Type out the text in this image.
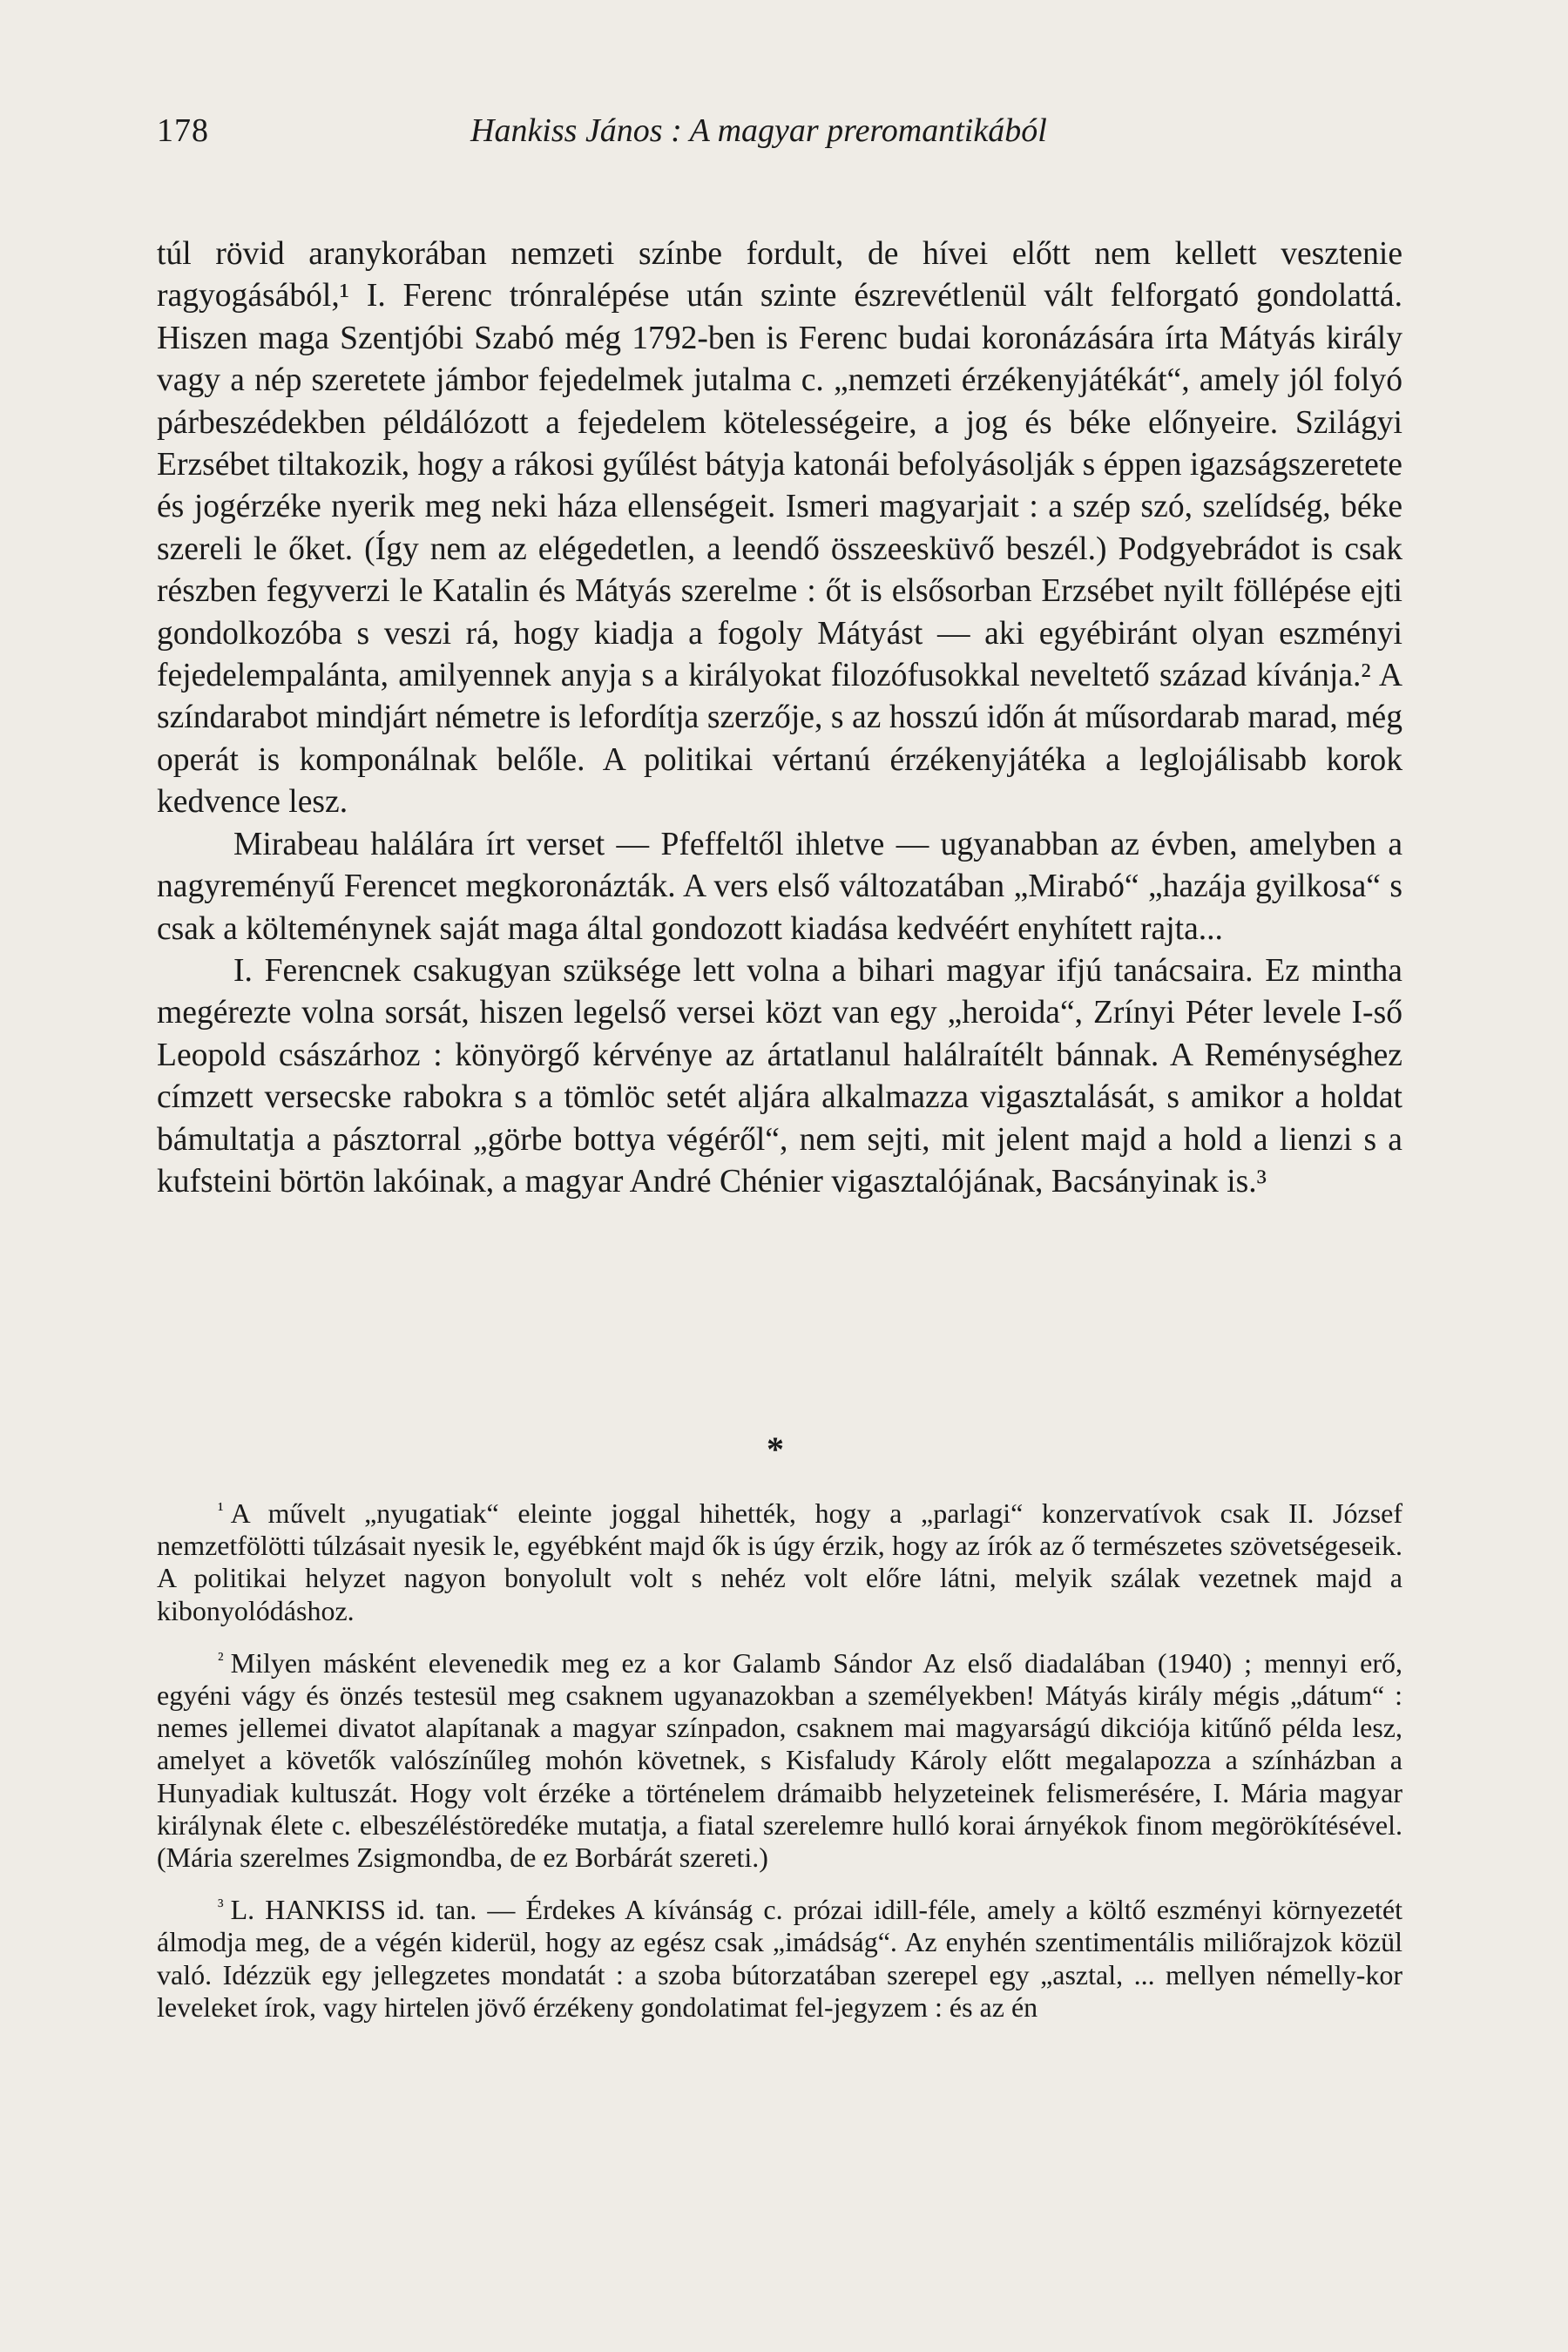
178	Hankiss János : A magyar preromantikából

túl rövid aranykorában nemzeti színbe fordult, de hívei előtt nem kellett vesztenie ragyogásából,¹ I. Ferenc trónralépése után szinte észrevétlenül vált felforgató gondolattá. Hiszen maga Szentjóbi Szabó még 1792-ben is Ferenc budai koronázására írta Mátyás király vagy a nép szeretete jámbor fejedelmek jutalma c. „nemzeti érzékenyjátékát“, amely jól folyó párbeszédekben példálózott a fejedelem kötelességeire, a jog és béke előnyeire. Szilágyi Erzsébet tiltakozik, hogy a rákosi gyűlést bátyja katonái befolyásolják s éppen igazságszeretete és jogérzéke nyerik meg neki háza ellenségeit. Ismeri magyarjait : a szép szó, szelídség, béke szereli le őket. (Így nem az elégedetlen, a leendő összeesküvő beszél.) Podgyebrádot is csak részben fegyverzi le Katalin és Mátyás szerelme : őt is elsősorban Erzsébet nyilt föllépése ejti gondolkozóba s veszi rá, hogy kiadja a fogoly Mátyást — aki egyébiránt olyan eszményi fejedelempalánta, amilyennek anyja s a királyokat filozófusokkal neveltető század kívánja.² A színdarabot mindjárt németre is lefordítja szerzője, s az hosszú időn át műsordarab marad, még operát is komponálnak belőle. A politikai vértanú érzékenyjátéka a leglojálisabb korok kedvence lesz.

Mirabeau halálára írt verset — Pfeffeltől ihletve — ugyanabban az évben, amelyben a nagyreményű Ferencet megkoronázták. A vers első változatában „Mirabó“ „hazája gyilkosa“ s csak a költeménynek saját maga által gondozott kiadása kedvéért enyhített rajta...

I. Ferencnek csakugyan szüksége lett volna a bihari magyar ifjú tanácsaira. Ez mintha megérezte volna sorsát, hiszen legelső versei közt van egy „heroida“, Zrínyi Péter levele I-ső Leopold császárhoz : könyörgő kérvénye az ártatlanul halálraítélt bánnak. A Reménységhez címzett versecske rabokra s a tömlöc setét aljára alkalmazza vigasztalását, s amikor a holdat bámultatja a pásztorral „görbe bottya végéről“, nem sejti, mit jelent majd a hold a lienzi s a kufsteini börtön lakóinak, a magyar André Chénier vigasztalójának, Bacsányinak is.³

*

$^{^1}$ A művelt „nyugatiak“ eleinte joggal hihették, hogy a „parlagi“ konzervatívok csak II. József nemzetfölötti túlzásait nyesik le, egyébként majd ők is úgy érzik, hogy az írók az ő természetes szövetségeseik. A politikai helyzet nagyon bonyolult volt s nehéz volt előre látni, melyik szálak vezetnek majd a kibonyolódáshoz.

$^{^2}$ Milyen másként elevenedik meg ez a kor Galamb Sándor Az első diadalában (1940) ; mennyi erő, egyéni vágy és önzés testesül meg csaknem ugyanazokban a személyekben! Mátyás király mégis „dátum“ : nemes jellemei divatot alapítanak a magyar színpadon, csaknem mai magyarságú dikciója kitűnő példa lesz, amelyet a követők valószínűleg mohón követnek, s Kisfaludy Károly előtt megalapozza a színházban a Hunyadiak kultuszát. Hogy volt érzéke a történelem drámaibb helyzeteinek felismerésére, I. Mária magyar királynak élete c. elbeszéléstöredéke mutatja, a fiatal szerelemre hulló korai árnyékok finom megörökítésével. (Mária szerelmes Zsigmondba, de ez Borbárát szereti.)

$^{^3}$ L. HANKISS id. tan. — Érdekes A kívánság c. prózai idill-féle, amely a költő eszményi környezetét álmodja meg, de a végén kiderül, hogy az egész csak „imádság“. Az enyhén szentimentális miliőrajzok közül való. Idézzük egy jellegzetes mondatát : a szoba bútorzatában szerepel egy „asztal, ... mellyen némelly-kor leveleket írok, vagy hirtelen jövő érzékeny gondolatimat fel-jegyzem : és az én
